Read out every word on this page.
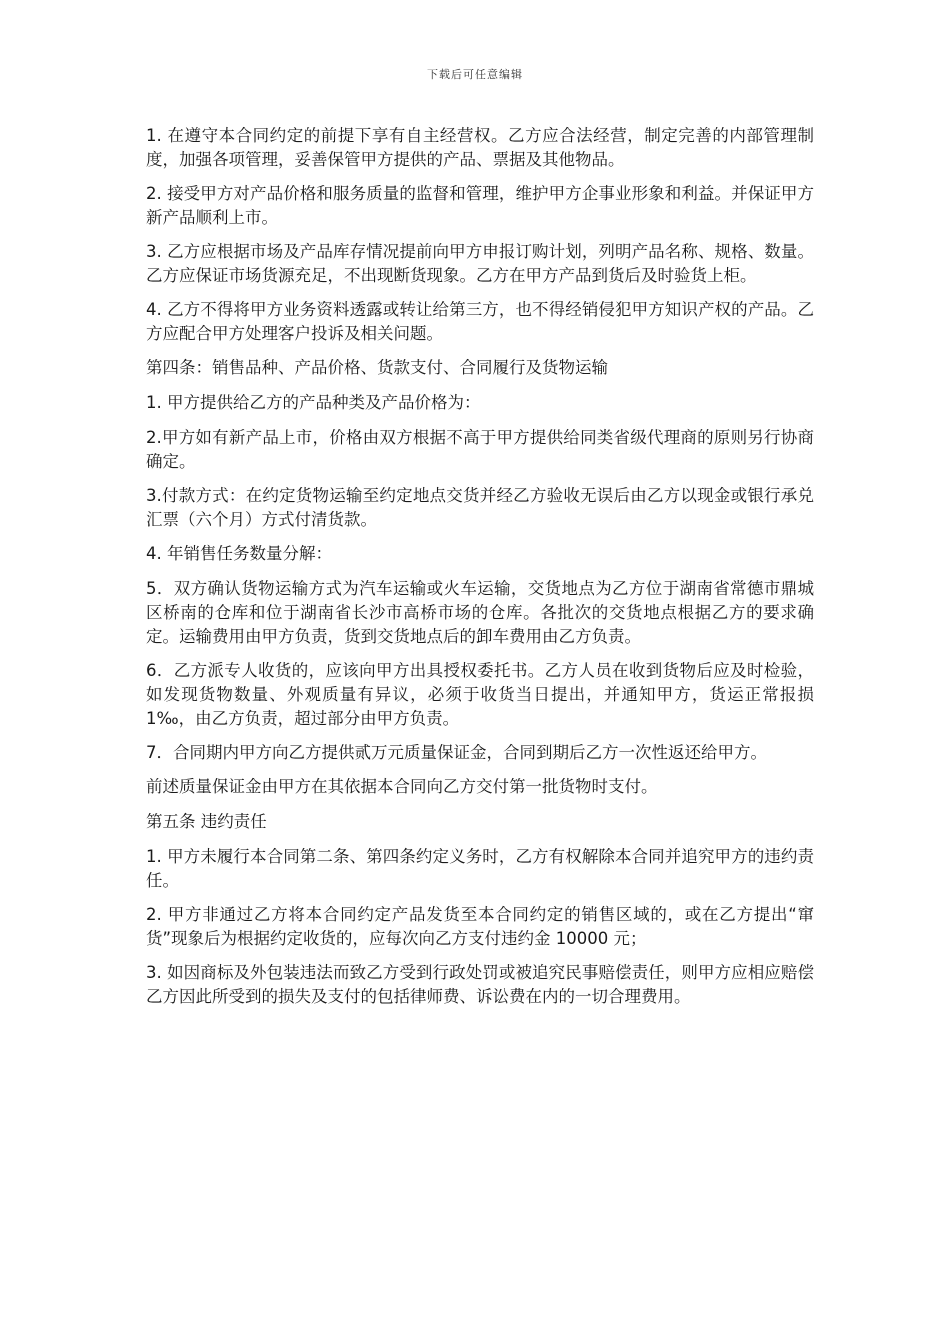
下载后可任意编辑

1. 在遵守本合同约定的前提下享有自主经营权。乙方应合法经营，制定完善的内部管理制度，加强各项管理，妥善保管甲方提供的产品、票据及其他物品。

2. 接受甲方对产品价格和服务质量的监督和管理，维护甲方企事业形象和利益。并保证甲方新产品顺利上市。

3. 乙方应根据市场及产品库存情况提前向甲方申报订购计划，列明产品名称、规格、数量。乙方应保证市场货源充足，不出现断货现象。乙方在甲方产品到货后及时验货上柜。

4. 乙方不得将甲方业务资料透露或转让给第三方，也不得经销侵犯甲方知识产权的产品。乙方应配合甲方处理客户投诉及相关问题。

第四条：销售品种、产品价格、货款支付、合同履行及货物运输

1. 甲方提供给乙方的产品种类及产品价格为：

2.甲方如有新产品上市，价格由双方根据不高于甲方提供给同类省级代理商的原则另行协商确定。

3.付款方式：在约定货物运输至约定地点交货并经乙方验收无误后由乙方以现金或银行承兑汇票（六个月）方式付清货款。

4. 年销售任务数量分解：

5．双方确认货物运输方式为汽车运输或火车运输，交货地点为乙方位于湖南省常德市鼎城区桥南的仓库和位于湖南省长沙市高桥市场的仓库。各批次的交货地点根据乙方的要求确定。运输费用由甲方负责，货到交货地点后的卸车费用由乙方负责。

6．乙方派专人收货的，应该向甲方出具授权委托书。乙方人员在收到货物后应及时检验，如发现货物数量、外观质量有异议，必须于收货当日提出，并通知甲方，货运正常报损 1‰，由乙方负责，超过部分由甲方负责。

7．合同期内甲方向乙方提供贰万元质量保证金，合同到期后乙方一次性返还给甲方。

前述质量保证金由甲方在其依据本合同向乙方交付第一批货物时支付。

第五条 违约责任

1. 甲方未履行本合同第二条、第四条约定义务时，乙方有权解除本合同并追究甲方的违约责任。

2. 甲方非通过乙方将本合同约定产品发货至本合同约定的销售区域的，或在乙方提出“窜货”现象后为根据约定收货的，应每次向乙方支付违约金 10000 元；

3. 如因商标及外包装违法而致乙方受到行政处罚或被追究民事赔偿责任，则甲方应相应赔偿乙方因此所受到的损失及支付的包括律师费、诉讼费在内的一切合理费用。
